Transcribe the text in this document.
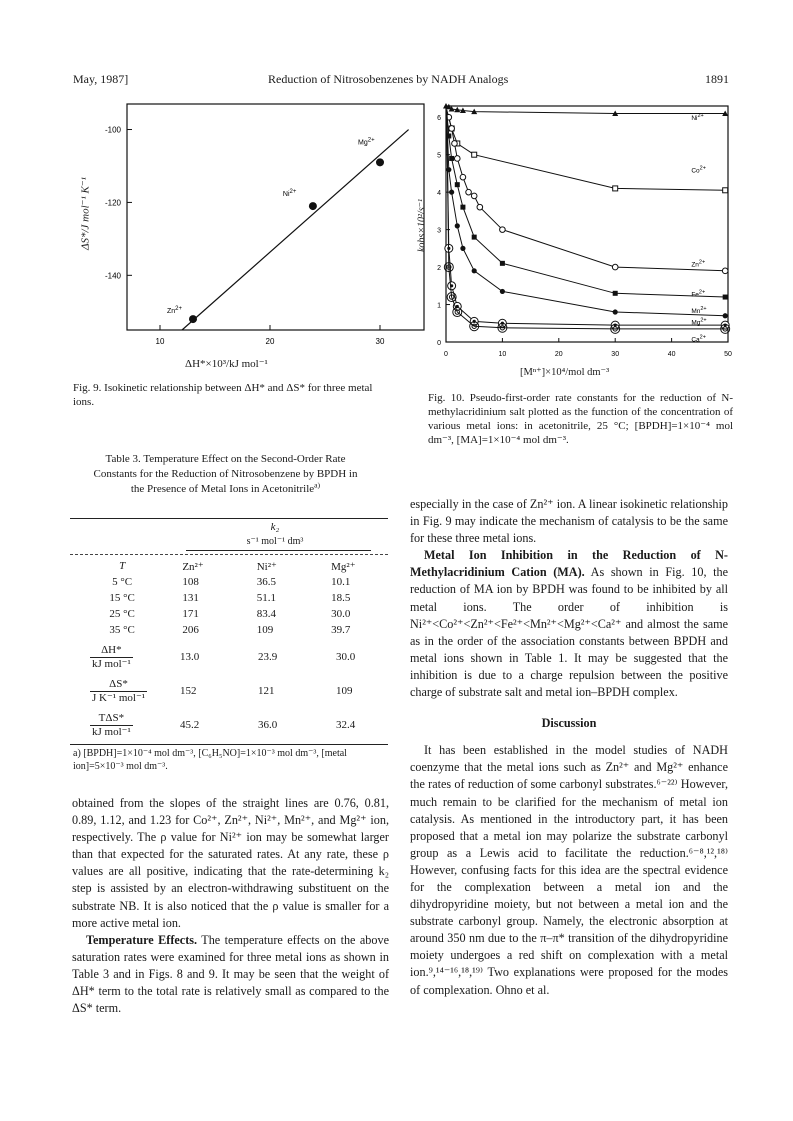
May, 1987]	Reduction of Nitrosobenzenes by NADH Analogs	1891
-100
-120
-140
10	20	30
Zn2+
Ni2+
Mg2+
ΔS*/J mol⁻¹ K⁻¹
ΔH*×10³/kJ mol⁻¹
Fig. 9. Isokinetic relationship between ΔH* and ΔS* for three metal ions.
Table 3. Temperature Effect on the Second-Order Rate Constants for the Reduction of Nitrosobenzene by BPDH in the Presence of Metal Ions in Acetonitrile$^{a)}$
k₂
s⁻¹ mol⁻¹ dm³
T	Zn²⁺	Ni²⁺	Mg²⁺
5 °C	108	36.5	10.1
15 °C	131	51.1	18.5
25 °C	171	83.4	30.0
35 °C	206	109	39.7
$\frac{\Delta H*}{\text{kJ mol⁻¹}}$	13.0	23.9	30.0
$\frac{\Delta S*}{\text{J K⁻¹ mol⁻¹}}$	152	121	109
$\frac{\text{TΔS*}}{\text{kJ mol⁻¹}}$	45.2	36.0	32.4
a) [BPDH]=1×10⁻⁴ mol dm⁻³, [C₆H₅NO]=1×10⁻³ mol dm⁻³, [metal ion]=5×10⁻³ mol dm⁻³.

obtained from the slopes of the straight lines are 0.76, 0.81, 0.89, 1.12, and 1.23 for Co²⁺, Zn²⁺, Ni²⁺, Mn²⁺, and Mg²⁺ ion, respectively. The ρ value for Ni²⁺ ion may be somewhat larger than that expected for the saturated rates. At any rate, these ρ values are all positive, indicating that the rate-determining k₂ step is assisted by an electron-withdrawing substituent on the substrate NB. It is also noticed that the ρ value is smaller for a more active metal ion.

Temperature Effects. The temperature effects on the above saturation rates were examined for three metal ions as shown in Table 3 and in Figs. 8 and 9. It may be seen that the weight of ΔH* term to the total rate is relatively small as compared to the ΔS* term.

0
1
2
3
4
5
6
0	10	20	30	40	50
$Ni^{2+}$
$Co^{2+}$
$Zn^{2+}$
$Fe^{2+}$
$Mn^{2+}$
$Mg^{2+}$
$Ca^{2+}$
kobs×10²/s⁻¹
[Mⁿ⁺]×10⁴/mol dm⁻³
Fig. 10. Pseudo-first-order rate constants for the reduction of N-methylacridinium salt plotted as the function of the concentration of various metal ions: in acetonitrile, 25 °C; [BPDH]=1×10⁻⁴ mol dm⁻³, [MA]=1×10⁻⁴ mol dm⁻³.

especially in the case of Zn²⁺ ion. A linear isokinetic relationship in Fig. 9 may indicate the mechanism of catalysis to be the same for these three metal ions.

Metal Ion Inhibition in the Reduction of N-Methylacridinium Cation (MA). As shown in Fig. 10, the reduction of MA ion by BPDH was found to be inhibited by all metal ions. The order of inhibition is Ni²⁺<Co²⁺<Zn²⁺<Fe²⁺<Mn²⁺<Mg²⁺<Ca²⁺ and almost the same as in the order of the association constants between BPDH and metal ions shown in Table 1. It may be suggested that the inhibition is due to a charge repulsion between the positive charge of substrate salt and metal ion–BPDH complex.

Discussion

It has been established in the model studies of NADH coenzyme that the metal ions such as Zn²⁺ and Mg²⁺ enhance the rates of reduction of some carbonyl substrates.⁶⁻²²⁾ However, much remain to be clarified for the mechanism of metal ion catalysis. As mentioned in the introductory part, it has been proposed that a metal ion may polarize the substrate carbonyl group as a Lewis acid to facilitate the reduction.⁶⁻⁸,¹²,¹⁸⁾ However, confusing facts for this idea are the spectral evidence for the complexation between a metal ion and the dihydropyridine moiety, but not between a metal ion and the substrate carbonyl group. Namely, the electronic absorption at around 350 nm due to the π–π* transition of the dihydropyridine moiety undergoes a red shift on complexation with a metal ion.⁹,¹⁴⁻¹⁶,¹⁸,¹⁹⁾ Two explanations were proposed for the modes of complexation. Ohno et al.
